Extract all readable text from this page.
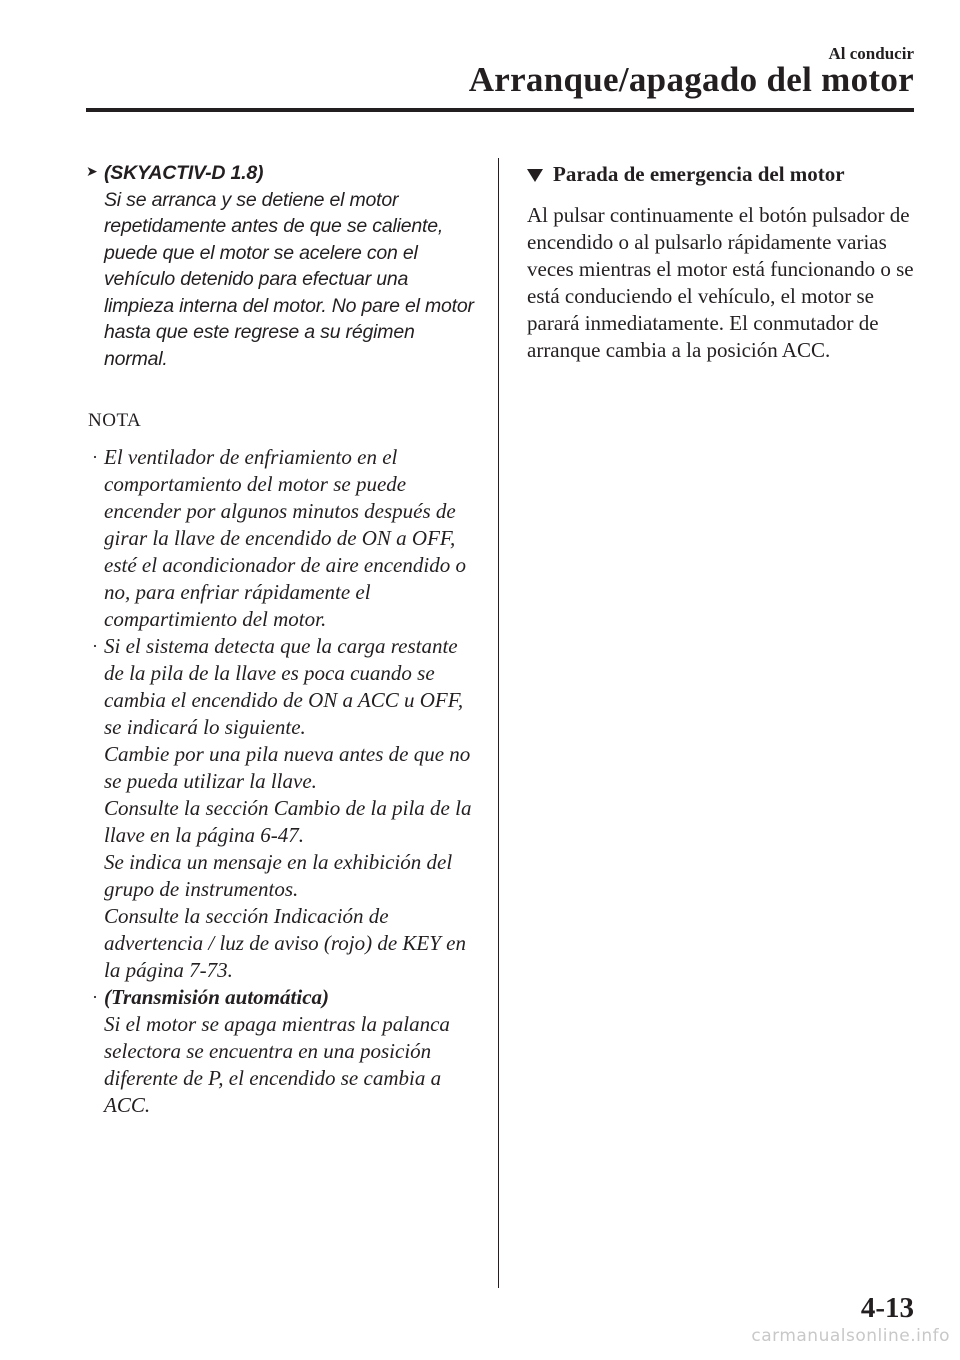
Al conducir
Arranque/apagado del motor
➤ (SKYACTIV-D 1.8)
Si se arranca y se detiene el motor repetidamente antes de que se caliente, puede que el motor se acelere con el vehículo detenido para efectuar una limpieza interna del motor. No pare el motor hasta que este regrese a su régimen normal.
NOTA
· El ventilador de enfriamiento en el comportamiento del motor se puede encender por algunos minutos después de girar la llave de encendido de ON a OFF, esté el acondicionador de aire encendido o no, para enfriar rápidamente el compartimiento del motor.
· Si el sistema detecta que la carga restante de la pila de la llave es poca cuando se cambia el encendido de ON a ACC u OFF, se indicará lo siguiente.
Cambie por una pila nueva antes de que no se pueda utilizar la llave.
Consulte la sección Cambio de la pila de la llave en la página 6-47.
Se indica un mensaje en la exhibición del grupo de instrumentos.
Consulte la sección Indicación de advertencia / luz de aviso (rojo) de KEY en la página 7-73.
· (Transmisión automática)
Si el motor se apaga mientras la palanca selectora se encuentra en una posición diferente de P, el encendido se cambia a ACC.
Parada de emergencia del motor
Al pulsar continuamente el botón pulsador de encendido o al pulsarlo rápidamente varias veces mientras el motor está funcionando o se está conduciendo el vehículo, el motor se parará inmediatamente. El conmutador de arranque cambia a la posición ACC.
4-13
carmanualsonline.info
